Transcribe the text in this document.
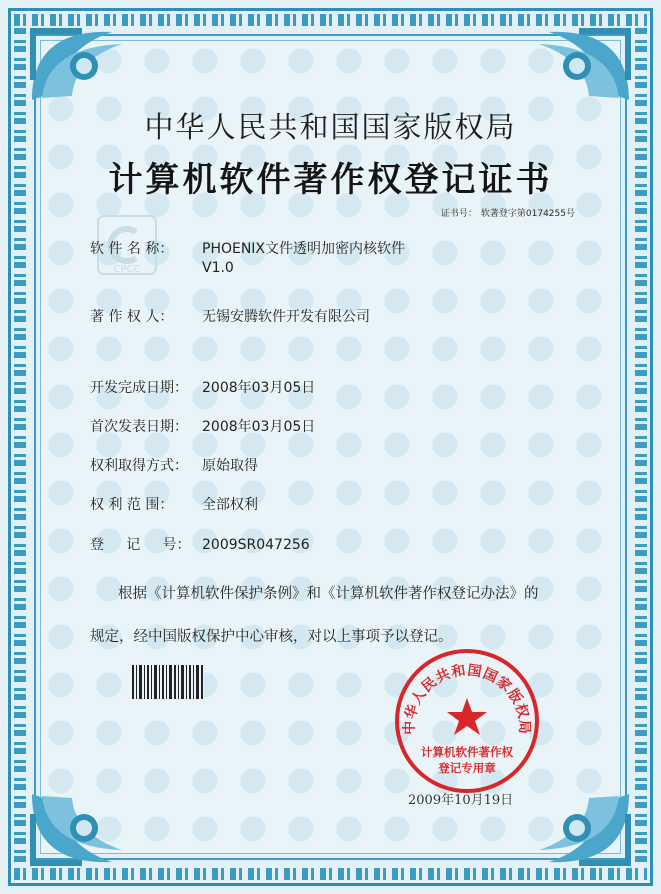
中华人民共和国国家版权局
计算机软件著作权登记证书
证书号： 软著登字第0174255号
CPCC
软 件 名 称： PHOENIX文件透明加密内核软件
V1.0
著 作 权 人： 无锡安腾软件开发有限公司
开发完成日期： 2008年03月05日
首次发表日期： 2008年03月05日
权利取得方式： 原始取得
权 利 范 围： 全部权利
登     记     号： 2009SR047256
根据《计算机软件保护条例》和《计算机软件著作权登记办法》的
规定，经中国版权保护中心审核，对以上事项予以登记。
中华人民共和国国家版权局
计算机软件著作权
登记专用章
2009年10月19日
